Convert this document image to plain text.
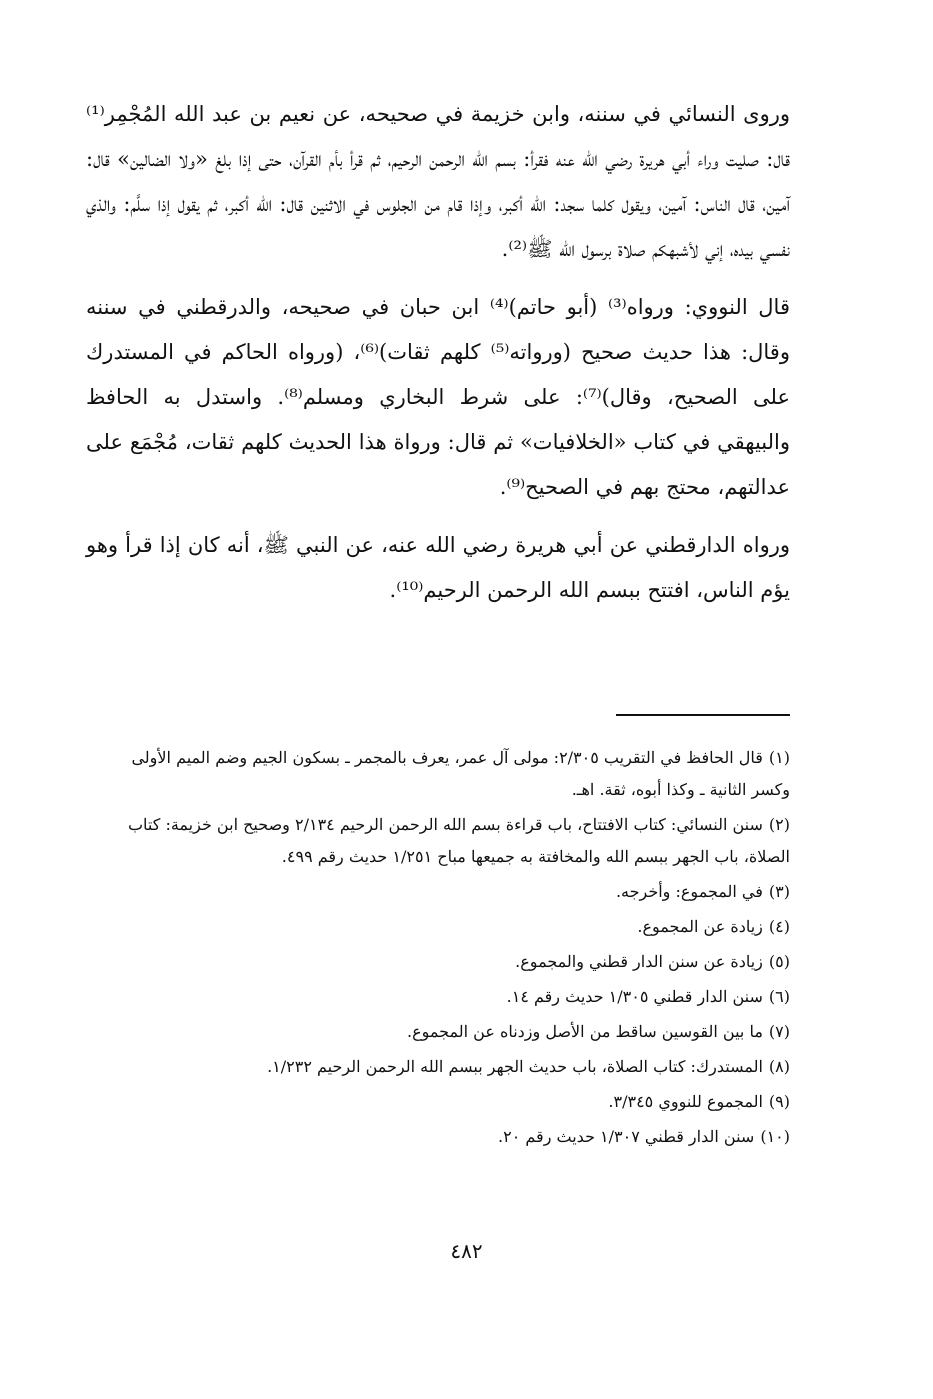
وروى النسائي في سننه، وابن خزيمة في صحيحه، عن نعيم بن عبد الله المُجْمِر⁽¹⁾ قال: صليت وراء أبي هريرة رضي الله عنه فقرأ: بسم الله الرحمن الرحيم، ثم قرأ بأم القرآن، حتى إذا بلغ «ولا الضالين» قال: آمين، قال الناس: آمين، ويقول كلما سجد: الله أكبر، وإذا قام من الجلوس في الاثنين قال: الله أكبر، ثم يقول إذا سلَّم: والذي نفسي بيده، إني لأشبهكم صلاة برسول الله ﷺ⁽²⁾.

قال النووي: ورواه⁽³⁾ (أبو حاتم)⁽⁴⁾ ابن حبان في صحيحه، والدرقطني في سننه وقال: هذا حديث صحيح (ورواته⁽⁵⁾ كلهم ثقات)⁽⁶⁾، (ورواه الحاكم في المستدرك على الصحيح، وقال)⁽⁷⁾: على شرط البخاري ومسلم⁽⁸⁾. واستدل به الحافظ والبيهقي في كتاب «الخلافيات» ثم قال: ورواة هذا الحديث كلهم ثقات، مُجْمَع على عدالتهم، محتج بهم في الصحيح⁽⁹⁾.

ورواه الدارقطني عن أبي هريرة رضي الله عنه، عن النبي ﷺ، أنه كان إذا قرأ وهو يؤم الناس، افتتح ببسم الله الرحمن الرحيم⁽¹⁰⁾.

(١)قال الحافظ في التقريب ٢/٣٠٥: مولى آل عمر، يعرف بالمجمر ـ بسكون الجيم وضم الميم الأولى وكسر الثانية ـ وكذا أبوه، ثقة. اهـ.

(٢)سنن النسائي: كتاب الافتتاح، باب قراءة بسم الله الرحمن الرحيم ٢/١٣٤ وصحيح ابن خزيمة: كتاب الصلاة، باب الجهر ببسم الله والمخافتة به جميعها مباح ١/٢٥١ حديث رقم ٤٩٩.

(٣)في المجموع: وأخرجه.

(٤)زيادة عن المجموع.

(٥)زيادة عن سنن الدار قطني والمجموع.

(٦)سنن الدار قطني ١/٣٠٥ حديث رقم ١٤.

(٧)ما بين القوسين ساقط من الأصل وزدناه عن المجموع.

(٨)المستدرك: كتاب الصلاة، باب حديث الجهر ببسم الله الرحمن الرحيم ١/٢٣٢.

(٩)المجموع للنووي ٣/٣٤٥.

(١٠)سنن الدار قطني ١/٣٠٧ حديث رقم ٢٠.

٤٨٢
